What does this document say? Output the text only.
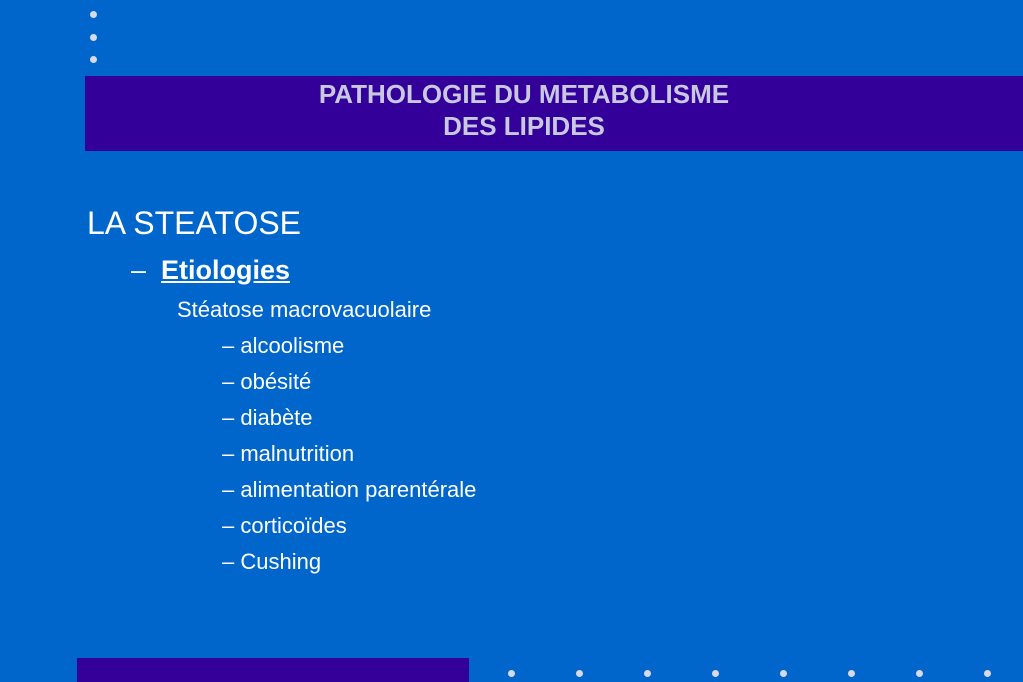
PATHOLOGIE DU METABOLISME
DES LIPIDES
LA STEATOSE
– Etiologies
Stéatose macrovacuolaire
– alcoolisme
– obésité
– diabète
– malnutrition
– alimentation parentérale
– corticoïdes
– Cushing
